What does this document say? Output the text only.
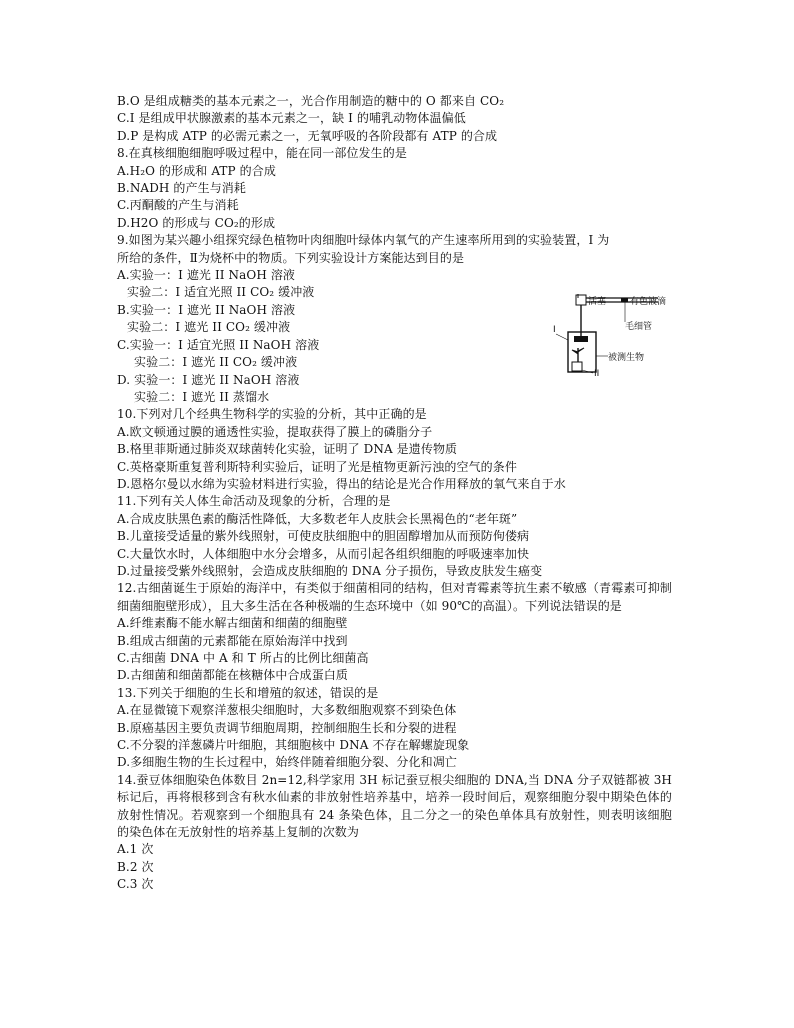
B.O 是组成糖类的基本元素之一，光合作用制造的糖中的 O 都来自 CO₂
C.I 是组成甲状腺激素的基本元素之一，缺 I 的哺乳动物体温偏低
D.P 是构成 ATP 的必需元素之一，无氧呼吸的各阶段都有 ATP 的合成
8.在真核细胞细胞呼吸过程中，能在同一部位发生的是
A.H₂O 的形成和 ATP 的合成
B.NADH 的产生与消耗
C.丙酮酸的产生与消耗
D.H2O 的形成与 CO₂的形成
9.如图为某兴趣小组探究绿色植物叶肉细胞叶绿体内氧气的产生速率所用到的实验装置，I 为
所给的条件，Ⅱ为烧杯中的物质。下列实验设计方案能达到目的是
A.实验一：I 遮光 II NaOH 溶液
实验二：I 适宜光照 II CO₂ 缓冲液
B.实验一：I 遮光 II NaOH 溶液
实验二：I 遮光 II CO₂ 缓冲液
C.实验一：I 适宜光照 II NaOH 溶液
实验二：I 遮光 II CO₂ 缓冲液
D. 实验一：I 遮光 II NaOH 溶液
实验二：I 遮光 II 蒸馏水
10.下列对几个经典生物科学的实验的分析，其中正确的是
A.欧文顿通过膜的通透性实验，提取获得了膜上的磷脂分子
B.格里菲斯通过肺炎双球菌转化实验，证明了 DNA 是遗传物质
C.英格豪斯重复普利斯特利实验后，证明了光是植物更新污浊的空气的条件
D.恩格尔曼以水绵为实验材料进行实验，得出的结论是光合作用释放的氧气来自于水
11.下列有关人体生命活动及现象的分析，合理的是
A.合成皮肤黑色素的酶活性降低，大多数老年人皮肤会长黑褐色的“老年斑”
B.儿童接受适量的紫外线照射，可使皮肤细胞中的胆固醇增加从而预防佝偻病
C.大量饮水时，人体细胞中水分会增多，从而引起各组织细胞的呼吸速率加快
D.过量接受紫外线照射，会造成皮肤细胞的 DNA 分子损伤，导致皮肤发生癌变
12.古细菌诞生于原始的海洋中，有类似于细菌相同的结构，但对青霉素等抗生素不敏感（青霉素可抑制细菌细胞壁形成），且大多生活在各种极端的生态环境中（如 90℃的高温）。下列说法错误的是
A.纤维素酶不能水解古细菌和细菌的细胞壁
B.组成古细菌的元素都能在原始海洋中找到
C.古细菌 DNA 中 A 和 T 所占的比例比细菌高
D.古细菌和细菌都能在核糖体中合成蛋白质
13.下列关于细胞的生长和增殖的叙述，错误的是
A.在显微镜下观察洋葱根尖细胞时，大多数细胞观察不到染色体
B.原癌基因主要负责调节细胞周期，控制细胞生长和分裂的进程
C.不分裂的洋葱磷片叶细胞，其细胞核中 DNA 不存在解螺旋现象
D.多细胞生物的生长过程中，始终伴随着细胞分裂、分化和凋亡
14.蚕豆体细胞染色体数目 2n=12,科学家用 3H 标记蚕豆根尖细胞的 DNA,当 DNA 分子双链都被 3H 标记后，再将根移到含有秋水仙素的非放射性培养基中，培养一段时间后，观察细胞分裂中期染色体的放射性情况。若观察到一个细胞具有 24 条染色体，且二分之一的染色单体具有放射性，则表明该细胞的染色体在无放射性的培养基上复制的次数为
A.1 次
B.2 次
C.3 次
活塞	有色液滴
毛细管
被测生物
I
II
